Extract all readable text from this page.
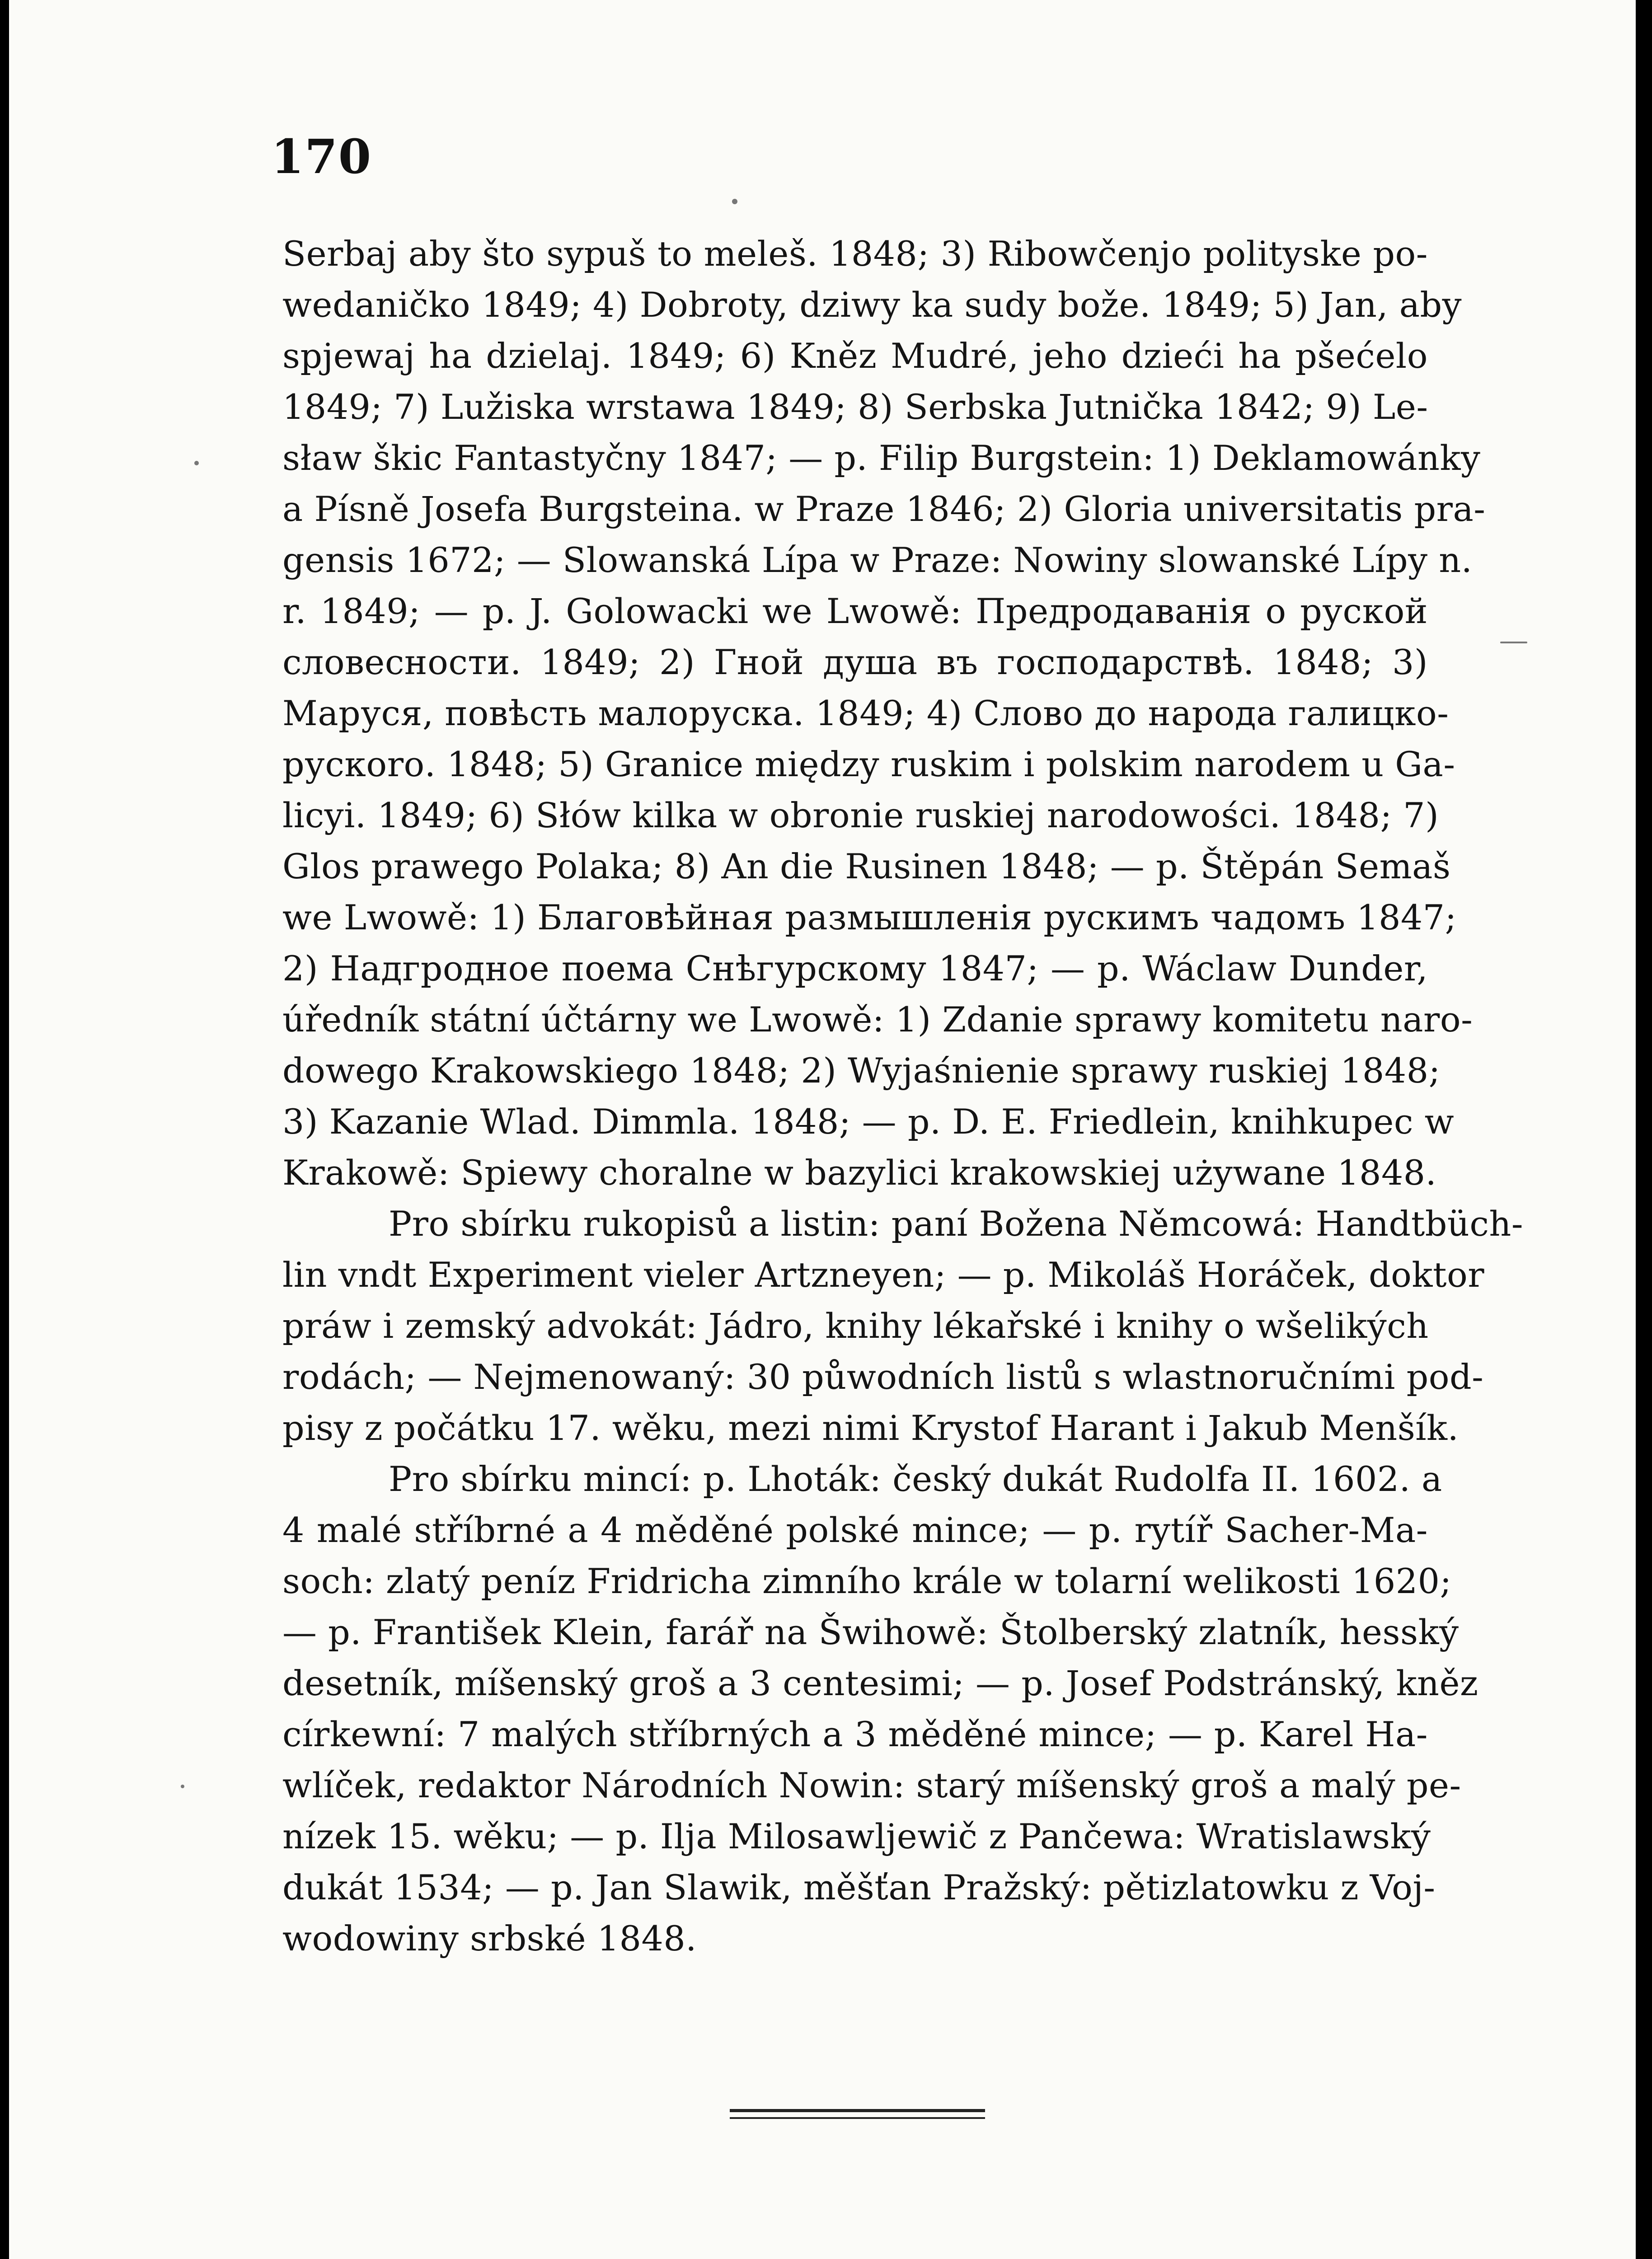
170
Serbaj aby što sypuš to meleš. 1848; 3) Ribowčenjo polityske po-
wedaničko 1849; 4) Dobroty, dziwy ka sudy bože. 1849; 5) Jan, aby
spjewaj ha dzielaj. 1849; 6) Kněz Mudré, jeho dzieći ha pšećelo
1849; 7) Lužiska wrstawa 1849; 8) Serbska Jutnička 1842; 9) Le-
sław škic Fantastyčny 1847; — p. Filip Burgstein: 1) Deklamowánky
a Písně Josefa Burgsteina. w Praze 1846; 2) Gloria universitatis pra-
gensis 1672; — Slowanská Lípa w Praze: Nowiny slowanské Lípy n.
r. 1849; — p. J. Golowacki we Lwowě: Предродаванія о руской
словесности. 1849; 2) Гной душа въ господарствѣ. 1848; 3)
Маруся, повѣсть малоруска. 1849; 4) Слово до народа галицко-
рускоrо. 1848; 5) Granice między ruskim i polskim narodem u Ga-
licyi. 1849; 6) Słów kilka w obronie ruskiej narodowości. 1848; 7)
Glos prawego Polaka; 8) An die Rusinen 1848; — p. Štěpán Semaš
we Lwowě: 1) Благовѣйная размышленія рускимъ чадомъ 1847;
2) Надгродное поема Снѣгурскому 1847; — p. Wáclaw Dunder,
úředník státní účtárny we Lwowě: 1) Zdanie sprawy komitetu naro-
dowego Krakowskiego 1848; 2) Wyjaśnienie sprawy ruskiej 1848;
3) Kazanie Wlad. Dimmla. 1848; — p. D. E. Friedlein, knihkupec w
Krakowě: Spiewy choralne w bazylici krakowskiej używane 1848.
Pro sbírku rukopisů a listin: paní Božena Němcowá: Handtbüch-
lin vndt Experiment vieler Artzneyen; — p. Mikoláš Horáček, doktor
práw i zemský advokát: Jádro, knihy lékařské i knihy o wšelikých
rodách; — Nejmenowaný: 30 půwodních listů s wlastnoručními pod-
pisy z počátku 17. wěku, mezi nimi Krystof Harant i Jakub Menšík.
Pro sbírku mincí: p. Lhoták: český dukát Rudolfa II. 1602. a
4 malé stříbrné a 4 měděné polské mince; — p. rytíř Sacher-Ma-
soch: zlatý peníz Fridricha zimního krále w tolarní welikosti 1620;
— p. František Klein, farář na Šwihowě: Štolberský zlatník, hesský
desetník, míšenský groš a 3 centesimi; — p. Josef Podstránský, kněz
církewní: 7 malých stříbrných a 3 měděné mince; — p. Karel Ha-
wlíček, redaktor Národních Nowin: starý míšenský groš a malý pe-
nízek 15. wěku; — p. Ilja Milosawljewič z Pančewa: Wratislawský
dukát 1534; — p. Jan Slawik, měšťan Pražský: pětizlatowku z Voj-
wodowiny srbské 1848.
